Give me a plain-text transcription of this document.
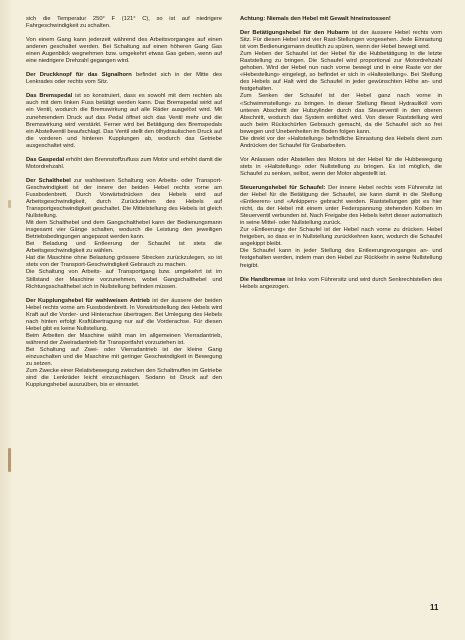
sich die Temperatur 250° F (121° C), so ist auf niedrigere Fahrgeschwindigkeit zu schalten.

Von einem Gang kann jederzeit während des Arbeitsvorganges auf einen anderen geschaltet werden. Bei Schaltung auf einen höheren Gang Gas einen Augenblick wegnehmen bzw. umgekehrt etwas Gas geben, wenn auf eine niedrigere Drehzahl gegangen wird.

Der Druckknopf für das Signalhorn befindet sich in der Mitte des Lenkrades oder rechts vom Sitz.

Das Bremspedal ist so konstruiert, dass es sowohl mit dem rechten als auch mit dem linken Fuss betätigt werden kann. Das Bremspedal wirkt auf ein Ventil, wodurch die Bremswirkung auf alle Räder ausgelöst wird. Mit zunehmendem Druck auf das Pedal öffnet sich das Ventil mehr und die Bremswirkung wird verstärkt. Ferner wird bei Betätigung des Bremspedals ein Abstellventil beaufschlagt. Das Ventil stellt den ölhydraulischen Druck auf die vorderen und hinteren Kupplungen ab, wodurch das Getriebe ausgeschaltet wird.

Das Gaspedal erhöht den Brennstoffzufluss zum Motor und erhöht damit die Motordrehzahl.

Der Schalthebel zur wahlweisen Schaltung von Arbeits- oder Transport-Geschwindigkeit ist der innere der beiden Hebel rechts vorne am Fussbodenbrett. Durch Vorwärtsdrücken des Hebels wird auf Arbeitsgeschwindigkeit, durch Zurückziehen des Hebels auf Transportgeschwindigkeit geschaltet. Die Mittelstellung des Hebels ist gleich Nullstellung.

Mit dem Schalthebel und dem Gangschalthebel kann der Bedienungsmann insgesamt vier Gänge schalten, wodurch die Leistung den jeweiligen Betriebsbedingungen angepasst werden kann.

Bei Beladung und Entleerung der Schaufel ist stets die Arbeitsgeschwindigkeit zu wählen.

Hat die Maschine ohne Belastung grössere Strecken zurückzulegen, so ist stets von der Transport-Geschwindigkeit Gebrauch zu machen.

Die Schaltung von Arbeits- auf Transportgang bzw. umgekehrt ist im Stillstand der Maschine vorzunehmen, wobei Gangschalthebel und Richtungsschalthebel sich in Nullstellung befinden müssen.

Der Kupplungshebel für wahlweisen Antrieb ist der äussere der beiden Hebel rechts vorne am Fussbodenbrett. In Vorwärtsstellung des Hebels wird Kraft auf die Vorder- und Hinterachse übertragen. Bei Umlegung des Hebels nach hinten erfolgt Kraftübertragung nur auf die Vorderachse. Für diesen Hebel gibt es keine Nullstellung.

Beim Arbeiten der Maschine wählt man im allgemeinen Vierradantrieb, während der Zweiradantrieb für Transportfahrt vorzuziehen ist.

Bei Schaltung auf Zwei- oder Vierradantrieb ist der kleine Gang einzuschalten und die Maschine mit geringer Geschwindigkeit in Bewegung zu setzen.

Zum Zwecke einer Relativbewegung zwischen den Schaltmuffen im Getriebe sind die Lenkräder leicht einzuschlagen. Sodann ist Druck auf den Kupplungshebel auszuüben, bis er einrastet.

Achtung: Niemals den Hebel mit Gewalt hineinstossen!

Der Betätigungshebel für den Hubarm ist der äussere Hebel rechts vom Sitz. Für diesen Hebel sind vier Rast-Stellungen vorgesehen. Jede Einrastung ist vom Bedienungsmann deutlich zu spüren, wenn der Hebel bewegt wird.

Zum Heben der Schaufel ist der Hebel für die Hubbetätigung in die letzte Raststellung zu bringen. Die Schaufel wird proportional zur Motordrehzahl gehoben. Wird der Hebel nun nach vorne bewegt und in eine Raste vor der «Hebestellung» eingelegt, so befindet er sich in «Haltestellung». Bei Stellung des Hebels auf Halt wird die Schaufel in jeder gewünschten Höhe an- und festgehalten.

Zum Senken der Schaufel ist der Hebel ganz nach vorne in «Schwimmstellung» zu bringen. In dieser Stellung fliesst Hydrauliköl vom unteren Abschnitt der Hubzylinder durch das Steuerventil in den oberen Abschnitt, wodurch das System entlüftet wird. Von dieser Raststellung wird auch beim Rückschürfen Gebrauch gemacht, da die Schaufel sich so frei bewegen und Unebenheiten im Boden folgen kann.

Die direkt vor der «Haltstellung» befindliche Einrastung des Hebels dient zum Andrücken der Schaufel für Grabarbeiten.

Vor Anlassen oder Abstellen des Motors ist der Hebel für die Hubbewegung stets in «Haltstellung» oder Nullstellung zu bringen. Es ist möglich, die Schaufel zu senken, selbst, wenn der Motor abgestellt ist.

Steuerungshebel für Schaufel: Der innere Hebel rechts vom Führersitz ist der Hebel für die Betätigung der Schaufel, sie kann damit in die Stellung «Entleeren» und «Ankippen» gebracht werden. Raststellungen gibt es hier nicht, da der Hebel mit einem unter Federspannung stehenden Kolben im Steuerventil verbunden ist. Nach Freigabe des Hebels kehrt dieser automatisch in seine Mittel- oder Nullstellung zurück.

Zur «Entleerung» der Schaufel ist der Hebel nach vorne zu drücken. Hebel freigeben, so dass er in Nullstellung zurückkehren kann, wodurch die Schaufel angekippt bleibt.

Die Schaufel kann in jeder Stellung des Entleerungsvorganges an- und festgehalten werden, indem man den Hebel zur Rückkehr in seine Nullstellung freigibt.

Die Handbremse ist links vom Führersitz und wird durch Senkrechtstellen des Hebels angezogen.

11
